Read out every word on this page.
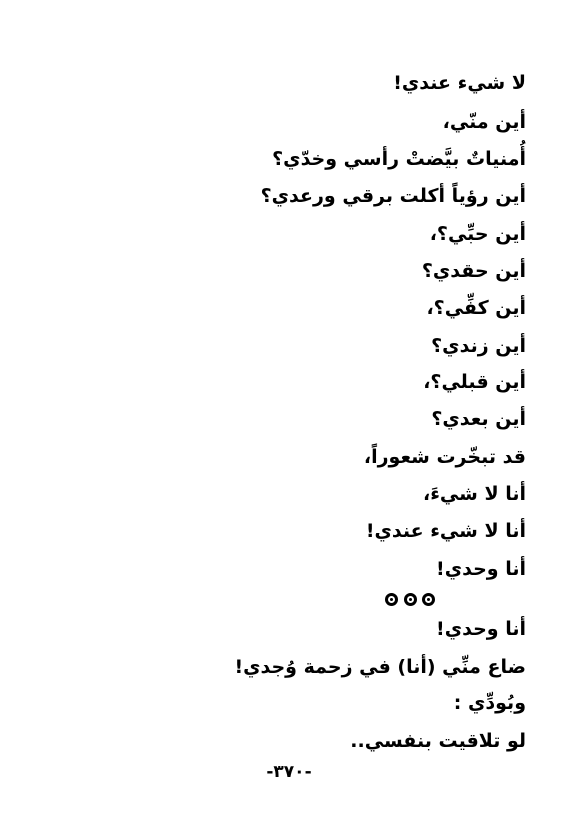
لا شيء عندي!
أين منّي،
أُمنياتٌ بيَّضتْ رأسي وخدّي؟
أين رؤياً أكلت برقي ورعدي؟
أين حبِّي؟،
أين حقدي؟
أين كفِّي؟،
أين زندي؟
أين قبلي؟،
أين بعدي؟
قد تبخّرت شعوراً،
أنا لا شيءَ،
أنا لا شيء عندي!
أنا وحدي!
أنا وحدي!
ضاع منِّي (أنا) في زحمة وُجدي!
وبُودِّي :
لو تلاقيت بنفسي..
-٣٧٠-
